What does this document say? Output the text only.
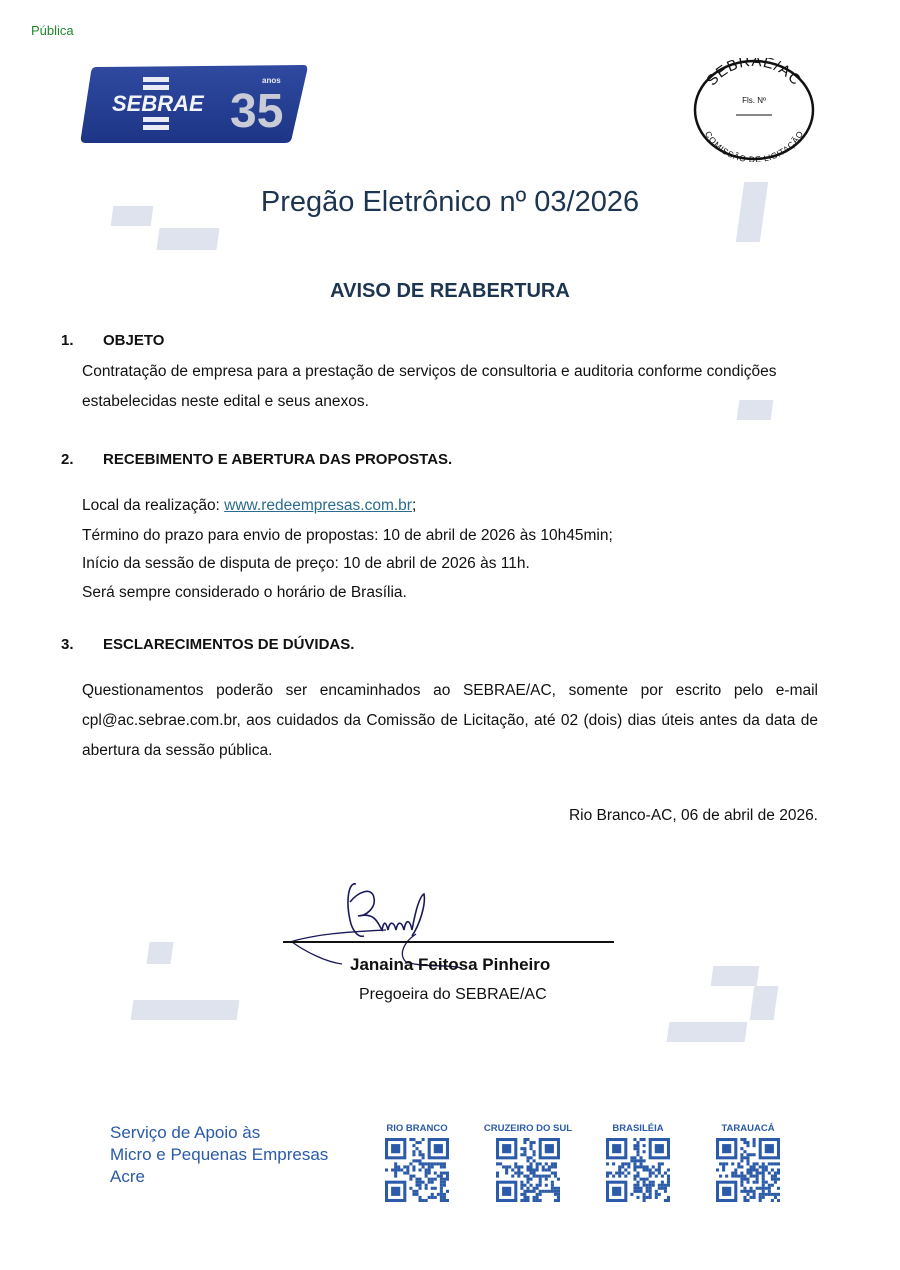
Pública
SEBRAE 35
anos	SEBRAE/AC
Fls. Nº
COMISSÃO DE LICITAÇÃO
Pregão Eletrônico nº 03/2026
AVISO DE REABERTURA
1. OBJETO
Contratação de empresa para a prestação de serviços de consultoria e auditoria conforme condições estabelecidas neste edital e seus anexos.
2. RECEBIMENTO E ABERTURA DAS PROPOSTAS.
Local da realização: www.redeempresas.com.br;
Término do prazo para envio de propostas: 10 de abril de 2026 às 10h45min;
Início da sessão de disputa de preço: 10 de abril de 2026 às 11h.
Será sempre considerado o horário de Brasília.
3. ESCLARECIMENTOS DE DÚVIDAS.
Questionamentos poderão ser encaminhados ao SEBRAE/AC, somente por escrito pelo e-mail cpl@ac.sebrae.com.br, aos cuidados da Comissão de Licitação, até 02 (dois) dias úteis antes da data de abertura da sessão pública.
Rio Branco-AC, 06 de abril de 2026.
Janaina Feitosa Pinheiro
Pregoeira do SEBRAE/AC
Serviço de Apoio às
Micro e Pequenas Empresas
Acre
RIO BRANCO	CRUZEIRO DO SUL	BRASILÉIA	TARAUACÁ
